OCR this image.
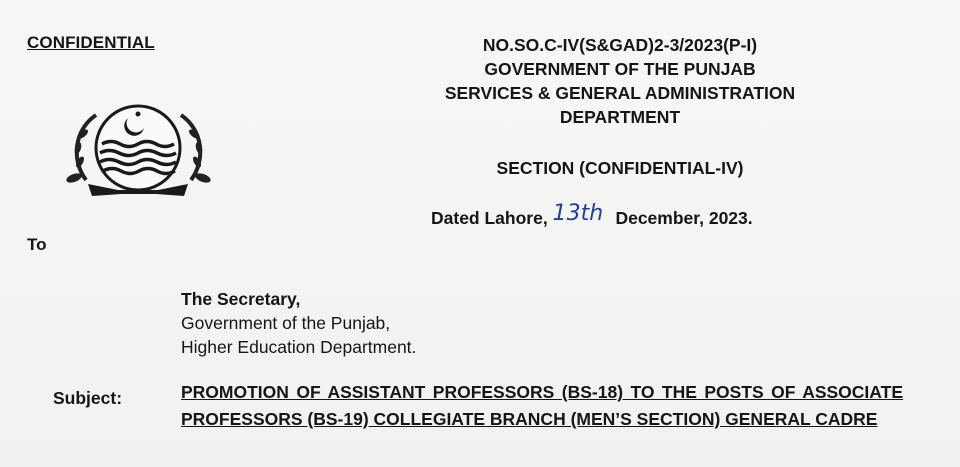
CONFIDENTIAL	NO.SO.C-IV(S&GAD)2-3/2023(P-I)
GOVERNMENT OF THE PUNJAB
SERVICES & GENERAL ADMINISTRATION
DEPARTMENT
SECTION (CONFIDENTIAL-IV)
Dated Lahore, 13th December, 2023.
To
The Secretary,
Government of the Punjab,
Higher Education Department.
Subject:	PROMOTION OF ASSISTANT PROFESSORS (BS-18) TO THE POSTS OF ASSOCIATE PROFESSORS (BS-19) COLLEGIATE BRANCH (MEN’S SECTION) GENERAL CADRE
